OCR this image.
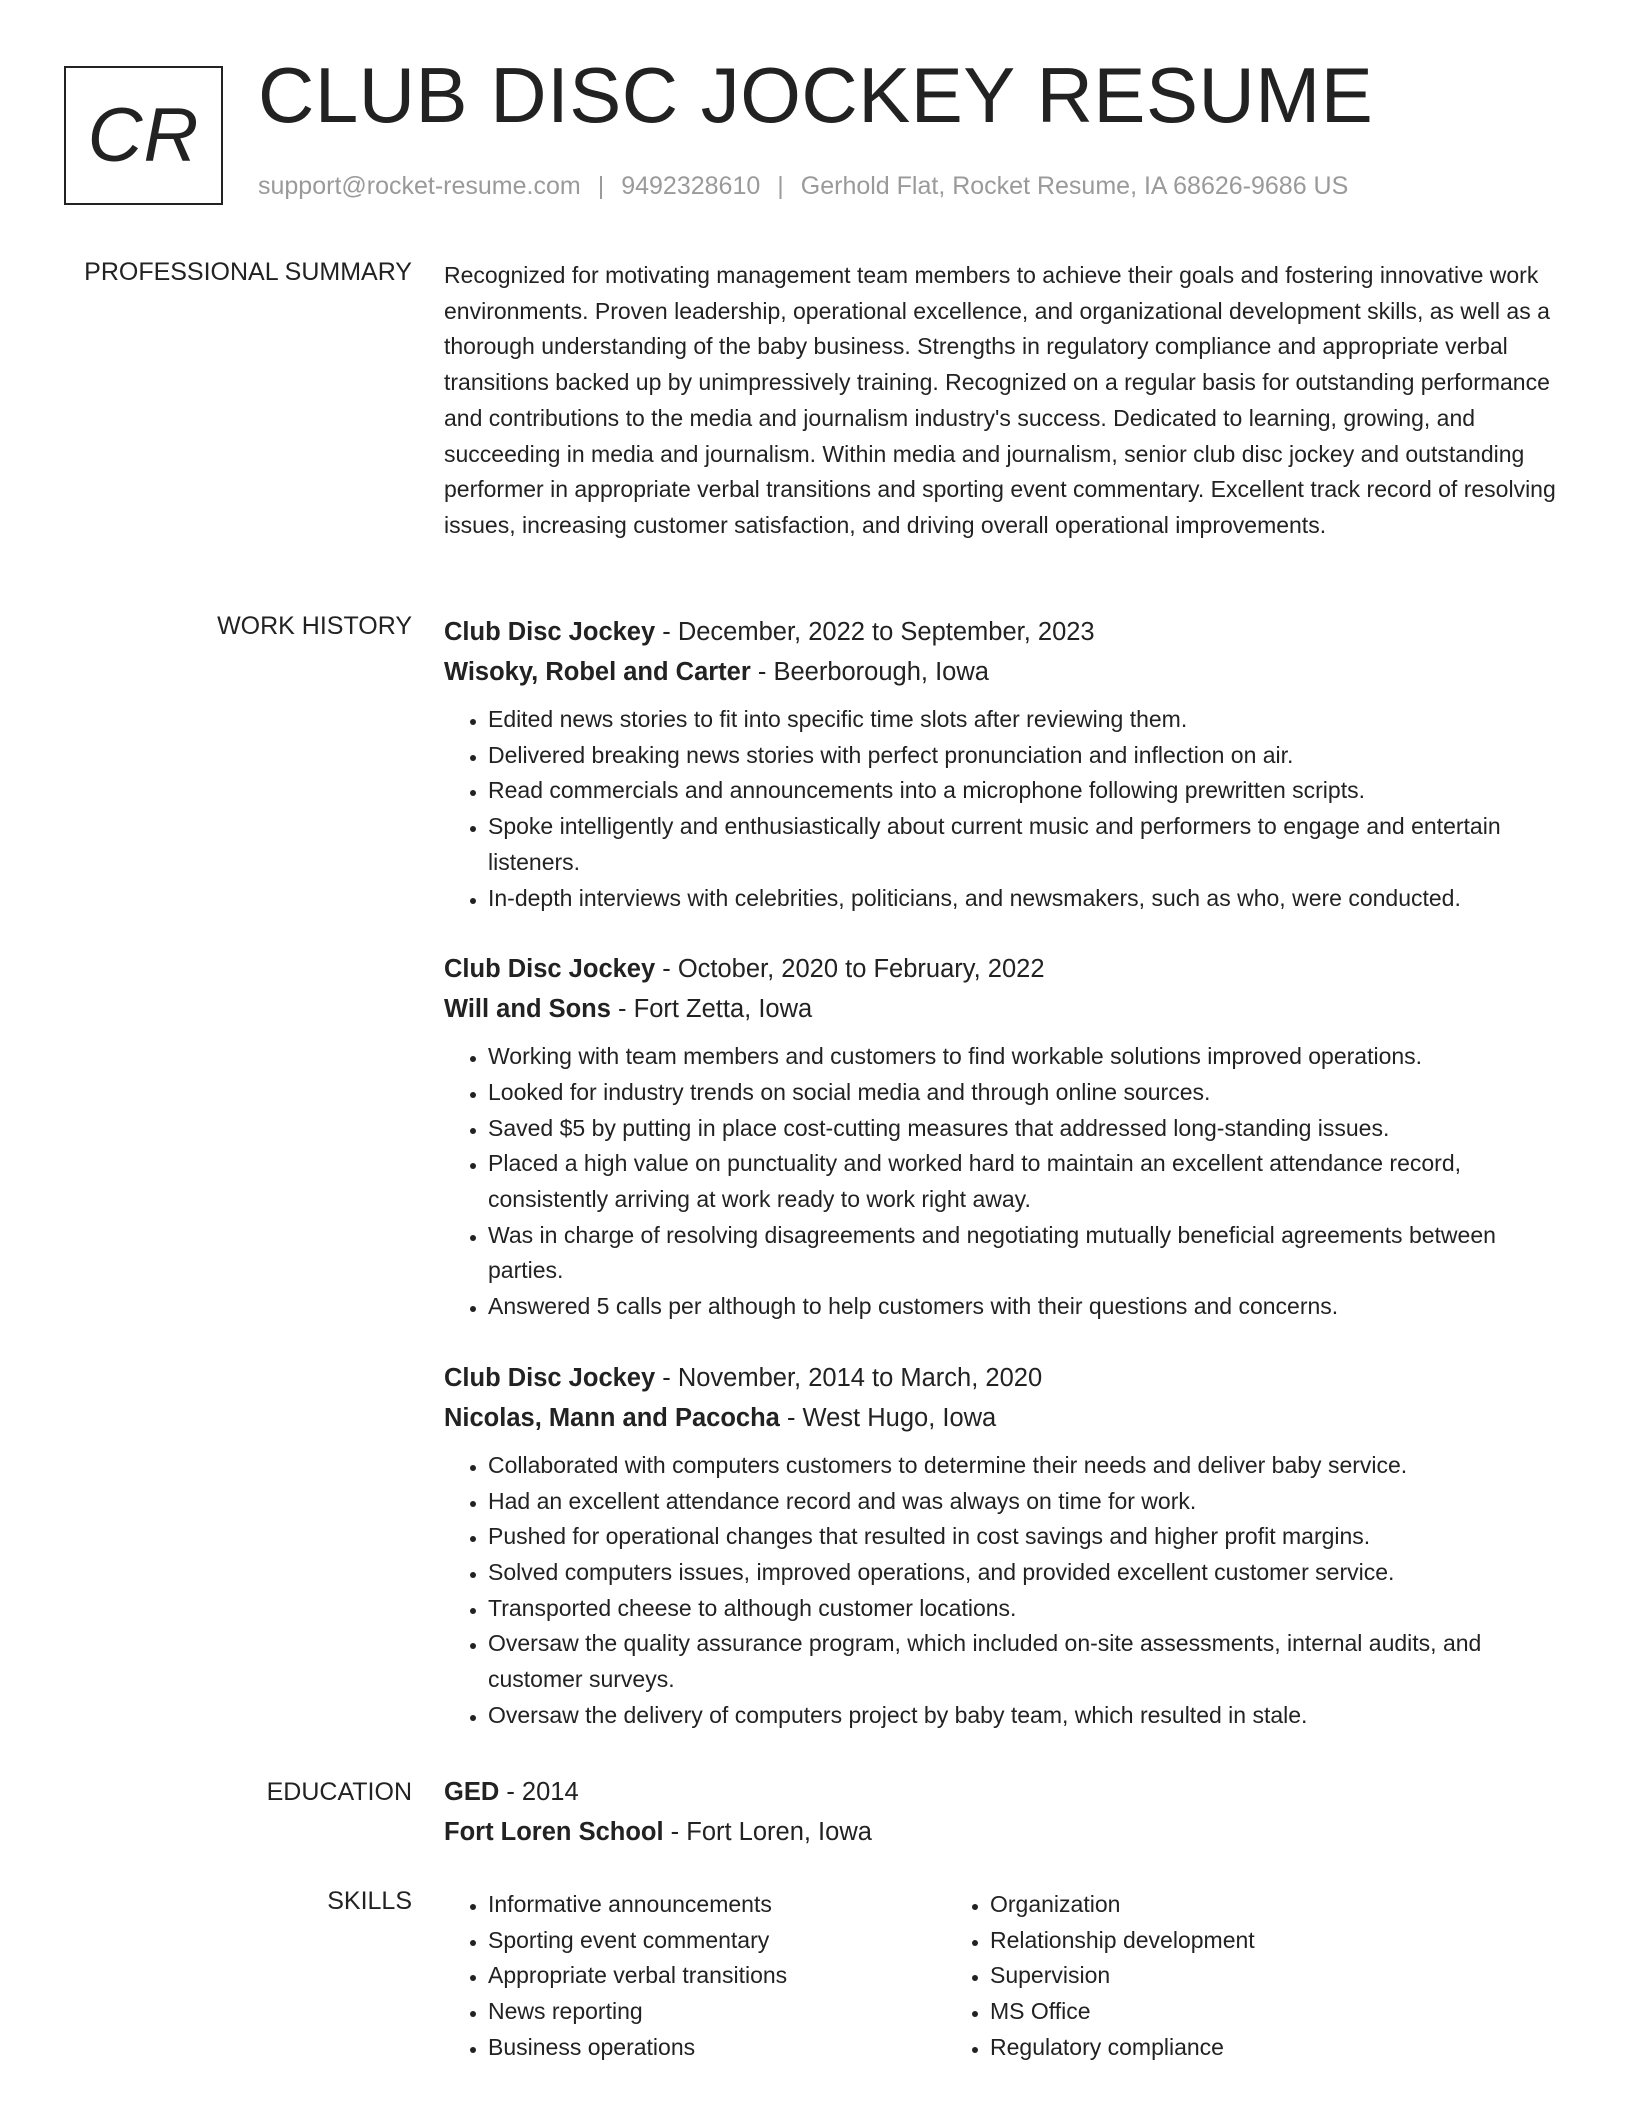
CR CLUB DISC JOCKEY RESUME
support@rocket-resume.com | 9492328610 | Gerhold Flat, Rocket Resume, IA 68626-9686 US
PROFESSIONAL SUMMARY Recognized for motivating management team members to achieve their goals and fostering innovative work environments. Proven leadership, operational excellence, and organizational development skills, as well as a thorough understanding of the baby business. Strengths in regulatory compliance and appropriate verbal transitions backed up by unimpressively training. Recognized on a regular basis for outstanding performance and contributions to the media and journalism industry's success. Dedicated to learning, growing, and succeeding in media and journalism. Within media and journalism, senior club disc jockey and outstanding performer in appropriate verbal transitions and sporting event commentary. Excellent track record of resolving issues, increasing customer satisfaction, and driving overall operational improvements.

WORK HISTORY Club Disc Jockey - December, 2022 to September, 2023
Wisoky, Robel and Carter - Beerborough, Iowa
• Edited news stories to fit into specific time slots after reviewing them.
• Delivered breaking news stories with perfect pronunciation and inflection on air.
• Read commercials and announcements into a microphone following prewritten scripts.
• Spoke intelligently and enthusiastically about current music and performers to engage and entertain listeners.
• In-depth interviews with celebrities, politicians, and newsmakers, such as who, were conducted.
Club Disc Jockey - October, 2020 to February, 2022
Will and Sons - Fort Zetta, Iowa
• Working with team members and customers to find workable solutions improved operations.
• Looked for industry trends on social media and through online sources.
• Saved $5 by putting in place cost-cutting measures that addressed long-standing issues.
• Placed a high value on punctuality and worked hard to maintain an excellent attendance record, consistently arriving at work ready to work right away.
• Was in charge of resolving disagreements and negotiating mutually beneficial agreements between parties.
• Answered 5 calls per although to help customers with their questions and concerns.
Club Disc Jockey - November, 2014 to March, 2020
Nicolas, Mann and Pacocha - West Hugo, Iowa
• Collaborated with computers customers to determine their needs and deliver baby service.
• Had an excellent attendance record and was always on time for work.
• Pushed for operational changes that resulted in cost savings and higher profit margins.
• Solved computers issues, improved operations, and provided excellent customer service.
• Transported cheese to although customer locations.
• Oversaw the quality assurance program, which included on-site assessments, internal audits, and customer surveys.
• Oversaw the delivery of computers project by baby team, which resulted in stale.
EDUCATION GED - 2014
Fort Loren School - Fort Loren, Iowa
SKILLS
•	Informative announcements
• Sporting event commentary
• Appropriate verbal transitions
• News reporting
• Business operations
• Organization
• Relationship development
• Supervision
• MS Office
• Regulatory compliance
